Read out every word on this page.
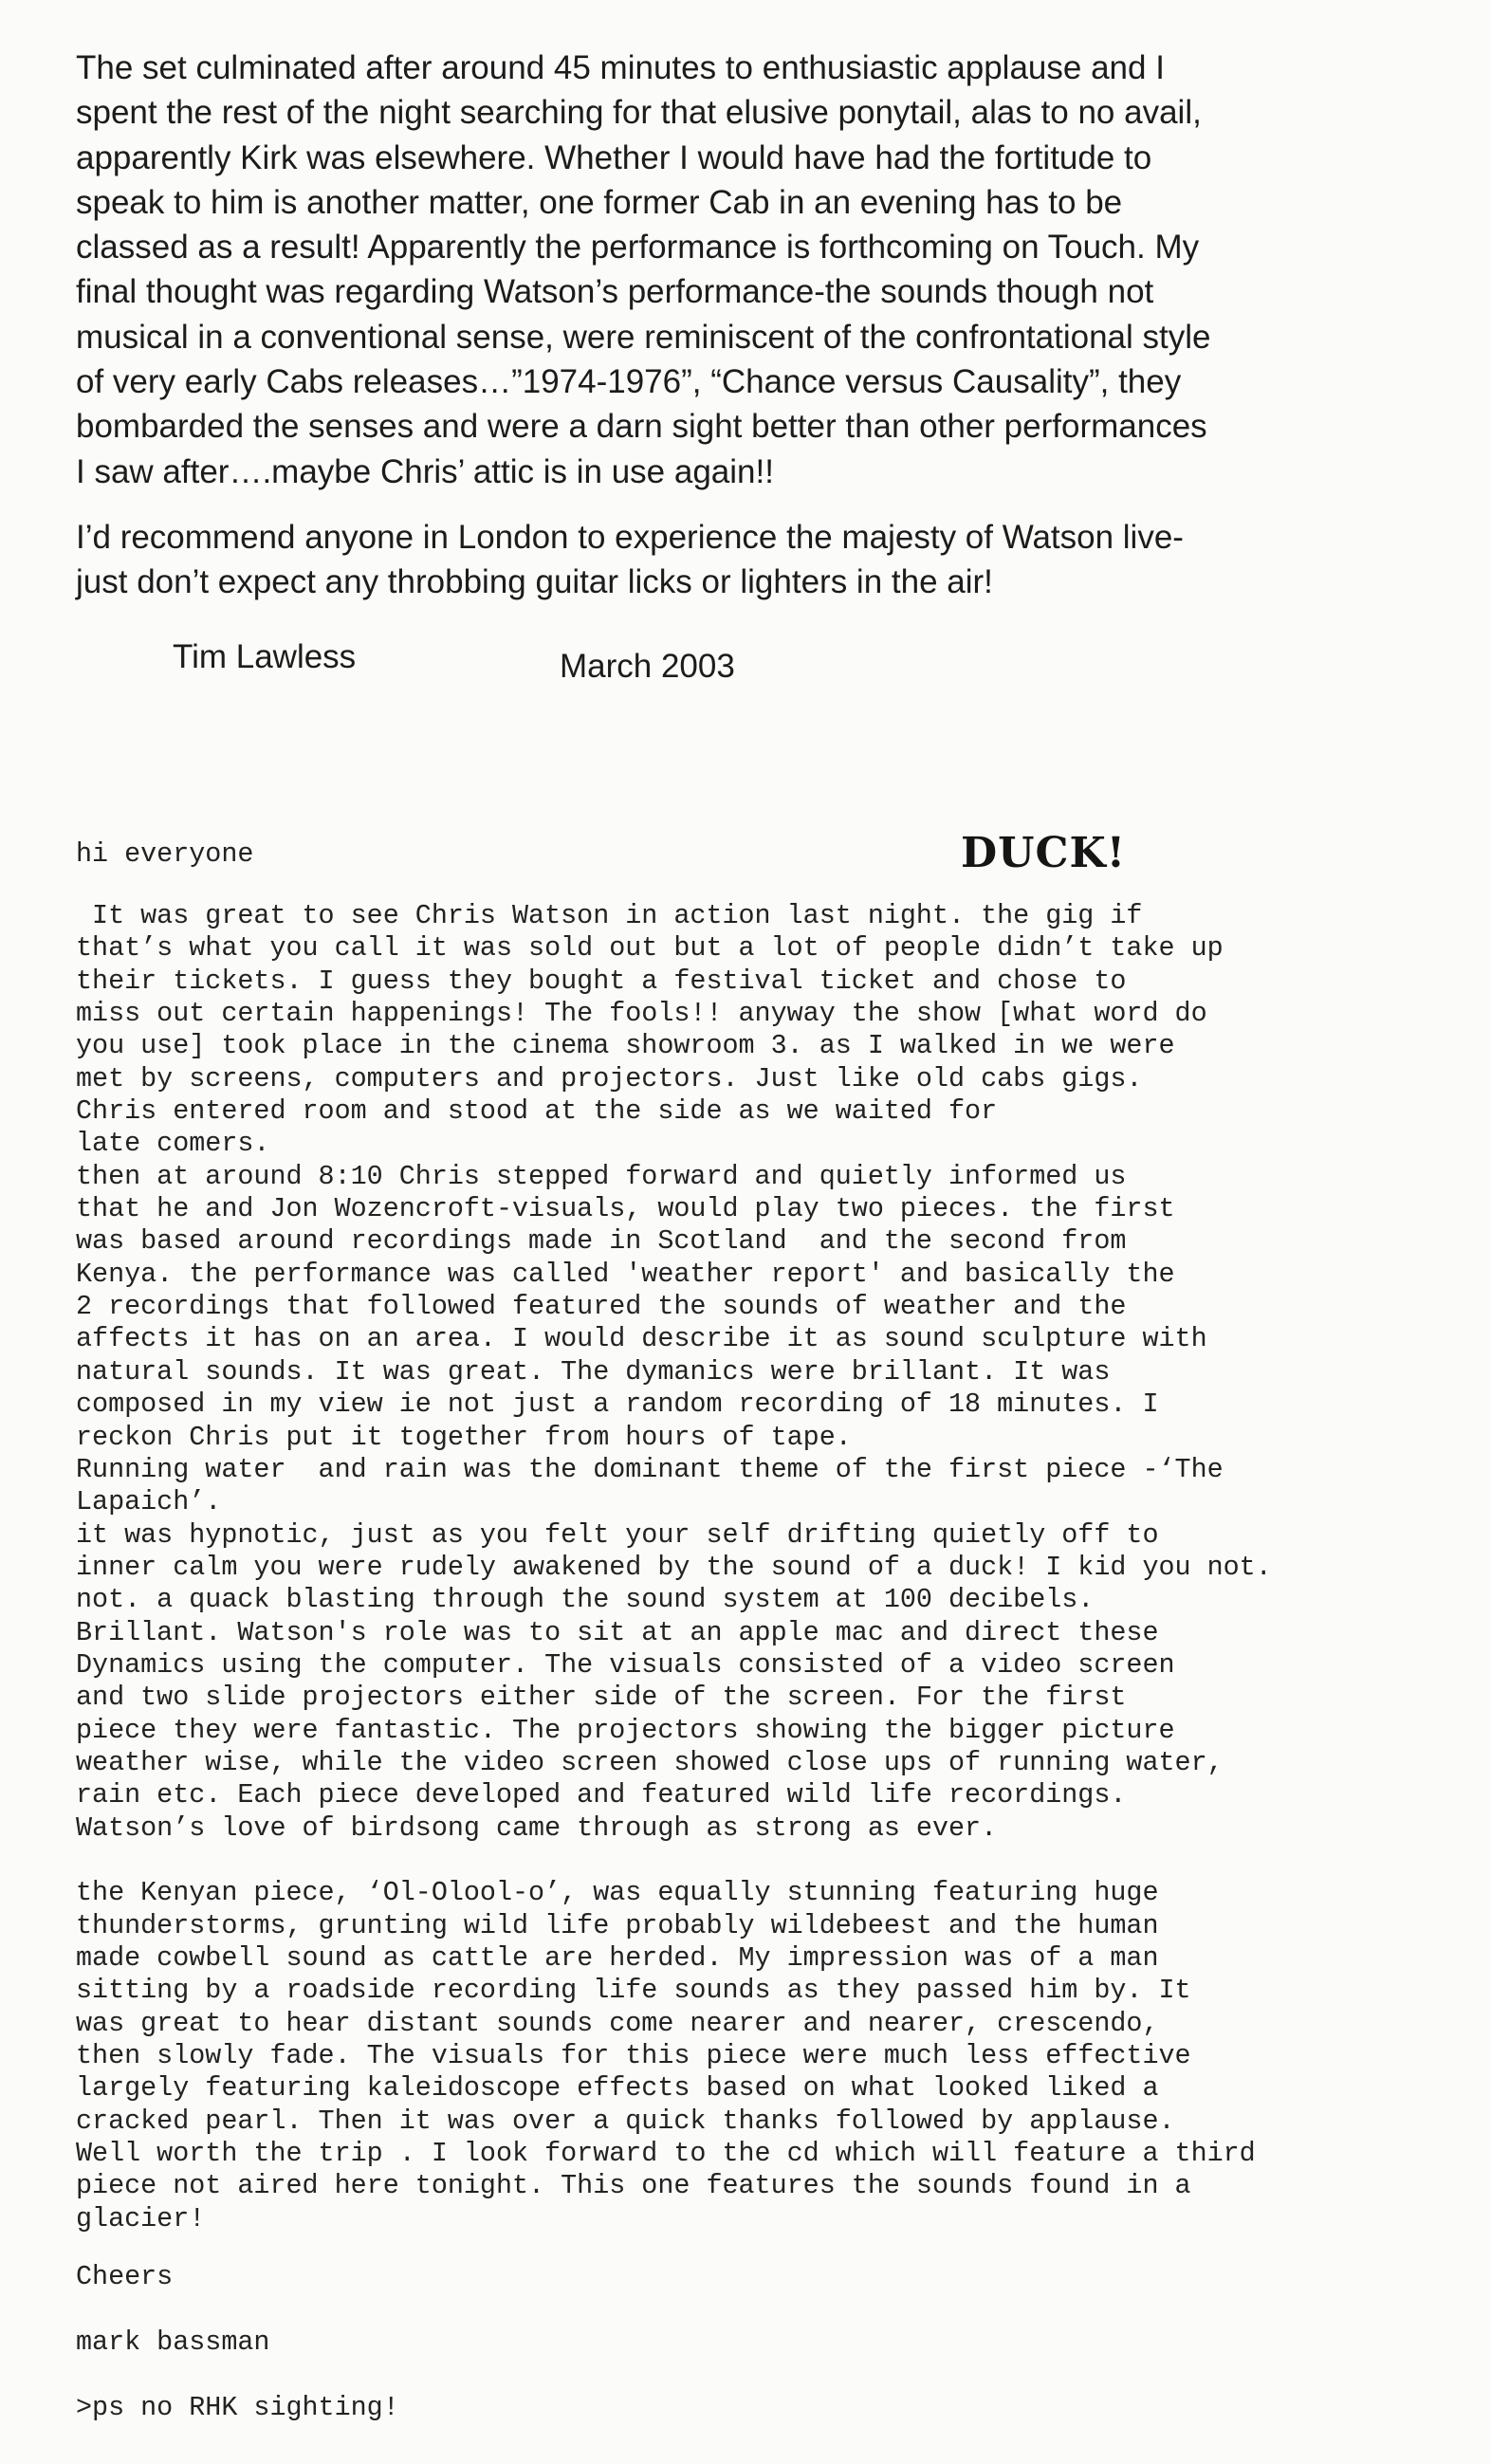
The set culminated after around 45 minutes to enthusiastic applause and I
spent the rest of the night searching for that elusive ponytail, alas to no avail,
apparently Kirk was elsewhere. Whether I would have had the fortitude to
speak to him is another matter, one former Cab in an evening has to be
classed as a result! Apparently the performance is forthcoming on Touch. My
final thought was regarding Watson’s performance-the sounds though not
musical in a conventional sense, were reminiscent of the confrontational style
of very early Cabs releases…”1974-1976”, “Chance versus Causality”, they
bombarded the senses and were a darn sight better than other performances
I saw after….maybe Chris’ attic is in use again!!

I’d recommend anyone in London to experience the majesty of Watson live-
just don’t expect any throbbing guitar licks or lighters in the air!

Tim Lawless	March 2003
hi everyone	DUCK!
It was great to see Chris Watson in action last night. the gig if
that’s what you call it was sold out but a lot of people didn’t take up
their tickets. I guess they bought a festival ticket and chose to
miss out certain happenings! The fools!! anyway the show [what word do
you use] took place in the cinema showroom 3. as I walked in we were
met by screens, computers and projectors. Just like old cabs gigs.
Chris entered room and stood at the side as we waited for
late comers.
then at around 8:10 Chris stepped forward and quietly informed us
that he and Jon Wozencroft-visuals, would play two pieces. the first
was based around recordings made in Scotland  and the second from
Kenya. the performance was called 'weather report' and basically the
2 recordings that followed featured the sounds of weather and the
affects it has on an area. I would describe it as sound sculpture with
natural sounds. It was great. The dymanics were brillant. It was
composed in my view ie not just a random recording of 18 minutes. I
reckon Chris put it together from hours of tape.
Running water  and rain was the dominant theme of the first piece -‘The
Lapaich’.
it was hypnotic, just as you felt your self drifting quietly off to
inner calm you were rudely awakened by the sound of a duck! I kid you not.
not. a quack blasting through the sound system at 100 decibels.
Brillant. Watson's role was to sit at an apple mac and direct these
Dynamics using the computer. The visuals consisted of a video screen
and two slide projectors either side of the screen. For the first
piece they were fantastic. The projectors showing the bigger picture
weather wise, while the video screen showed close ups of running water,
rain etc. Each piece developed and featured wild life recordings.
Watson’s love of birdsong came through as strong as ever.
the Kenyan piece, ‘Ol-Olool-o’, was equally stunning featuring huge
thunderstorms, grunting wild life probably wildebeest and the human
made cowbell sound as cattle are herded. My impression was of a man
sitting by a roadside recording life sounds as they passed him by. It
was great to hear distant sounds come nearer and nearer, crescendo,
then slowly fade. The visuals for this piece were much less effective
largely featuring kaleidoscope effects based on what looked liked a
cracked pearl. Then it was over a quick thanks followed by applause.
Well worth the trip . I look forward to the cd which will feature a third
piece not aired here tonight. This one features the sounds found in a
glacier!
Cheers
mark bassman
>ps no RHK sighting!
